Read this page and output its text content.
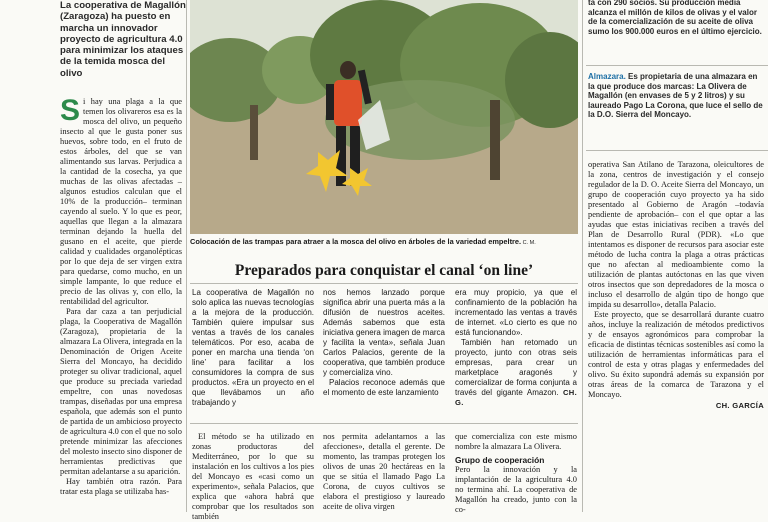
La cooperativa de Magallón (Zaragoza) ha puesto en marcha un innovador proyecto de agricultura 4.0 para minimizar los ataques de la temida mosca del olivo

Colocación de las trampas para atraer a la mosca del olivo en árboles de la variedad empeltre. C. M.

ta con 290 socios. Su producción media alcanza el millón de kilos de olivas y el valor de la comercialización de su aceite de oliva sumo los 900.000 euros en el último ejercicio.

Almazara. Es propietaria de una almazara en la que produce dos marcas: La Olivera de Magallón (en envases de 5 y 2 litros) y su laureado Pago La Corona, que luce el sello de la D.O. Sierra del Moncayo.

Si hay una plaga a la que temen los olivareros esa es la mosca del olivo, un pequeño insecto al que le gusta poner sus huevos, sobre todo, en el fruto de estos árboles, del que se van alimentando sus larvas. Perjudica a la cantidad de la cosecha, ya que muchas de las olivas afectadas –algunos estudios calculan que el 10% de la producción– terminan cayendo al suelo. Y lo que es peor, aquellas que llegan a la almazara terminan dejando la huella del gusano en el aceite, que pierde calidad y cualidades organolépticas por lo que deja de ser virgen extra para quedarse, como mucho, en un simple lampante, lo que reduce el precio de las olivas y, con ello, la rentabilidad del agricultor.

Para dar caza a tan perjudicial plaga, la Cooperativa de Magallón (Zaragoza), propietaria de la almazara La Olivera, integrada en la Denominación de Origen Aceite Sierra del Moncayo, ha decidido proteger su olivar tradicional, aquel que produce su preciada variedad empeltre, con unas novedosas trampas, diseñadas por una empresa española, que además son el punto de partida de un ambicioso proyecto de agricultura 4.0 con el que no solo pretende minimizar las afecciones del molesto insecto sino disponer de herramientas predictivas que permitan adelantarse a su aparición.

Hay también otra razón. Para tratar esta plaga se utilizaba has-

Preparados para conquistar el canal ‘on line’

La cooperativa de Magallón no solo aplica las nuevas tecnologías a la mejora de la producción. También quiere impulsar sus ventas a través de los canales telemáticos. Por eso, acaba de poner en marcha una tienda ‘on line’ para facilitar a los consumidores la compra de sus productos. «Era un proyecto en el que llevábamos un año trabajando y

nos hemos lanzado porque significa abrir una puerta más a la difusión de nuestros aceites. Además sabemos que esta iniciativa genera imagen de marca y facilita la venta», señala Juan Carlos Palacios, gerente de la cooperativa, que también produce y comercializa vino.

Palacios reconoce además que el momento de este lanzamiento

era muy propicio, ya que el confinamiento de la población ha incrementado las ventas a través de internet. «Lo cierto es que no está funcionando».

También han retomado un proyecto, junto con otras seis empresas, para crear un marketplace aragonés y comercializar de forma conjunta a través del gigante Amazon. CH. G.

El método se ha utilizado en zonas productoras del Mediterráneo, por lo que su instalación en los cultivos a los pies del Moncayo es «casi como un experimento», señala Palacios, que explica que «ahora habrá que comprobar que los resultados son también

nos permita adelantarnos a las afecciones», detalla el gerente. De momento, las trampas protegen los olivos de unas 20 hectáreas en la que se sitúa el llamado Pago La Corona, de cuyos cultivos se elabora el prestigioso y laureado aceite de oliva virgen

que comercializa con este mismo nombre la almazara La Olivera.

Grupo de cooperación

Pero la innovación y la implantación de la agricultura 4.0 no termina ahí. La cooperativa de Magallón ha creado, junto con la co-

operativa San Atilano de Tarazona, oleicultores de la zona, centros de investigación y el consejo regulador de la D. O. Aceite Sierra del Moncayo, un grupo de cooperación cuyo proyecto ya ha sido presentado al Gobierno de Aragón –todavía pendiente de aprobación– con el que optar a las ayudas que estas iniciativas reciben a través del Plan de Desarrollo Rural (PDR). «Lo que intentamos es disponer de recursos para asociar este método de lucha contra la plaga a otras prácticas que no afectan al medioambiente como la utilización de plantas autóctonas en las que viven otros insectos que son depredadores de la mosca o incluso el desarrollo de algún tipo de hongo que impida su desarrollo», detalla Palacio.

Este proyecto, que se desarrollará durante cuatro años, incluye la realización de métodos predictivos y de ensayos agronómicos para comprobar la eficacia de distintas técnicas sostenibles así como la utilización de herramientas informáticas para el control de esta y otras plagas y enfermedades del olivo. Su éxito supondrá además su expansión por otras áreas de la comarca de Tarazona y el Moncayo.

CH. GARCÍA
